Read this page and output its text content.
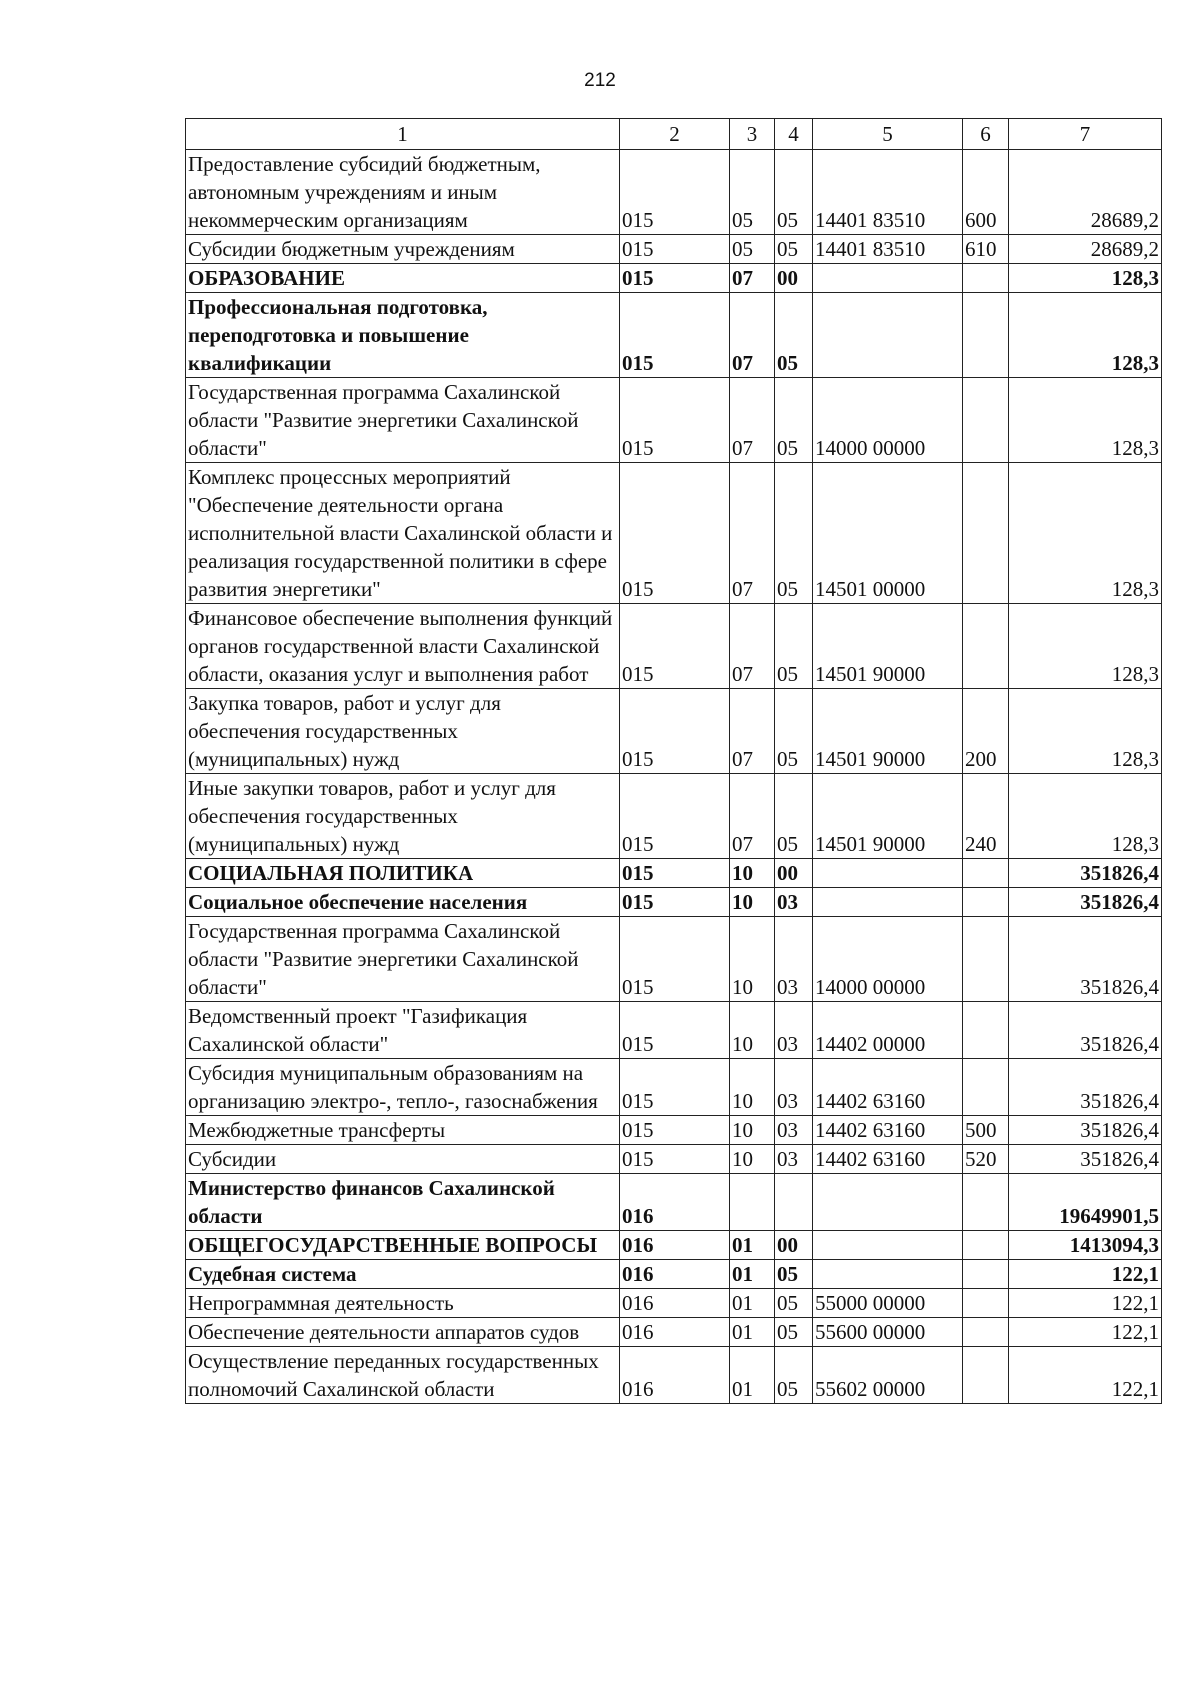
212
1	2	3	4	5	6	7
Предоставление субсидий бюджетным, автономным учреждениям и иным некоммерческим организациям	015	05	05	14401 83510	600	28689,2
Субсидии бюджетным учреждениям	015	05	05	14401 83510	610	28689,2
ОБРАЗОВАНИЕ	015	07	00			128,3
Профессиональная подготовка, переподготовка и повышение квалификации	015	07	05			128,3
Государственная программа Сахалинской области "Развитие энергетики Сахалинской области"	015	07	05	14000 00000		128,3
Комплекс процессных мероприятий "Обеспечение деятельности органа исполнительной власти Сахалинской области и реализация государственной политики в сфере развития энергетики"	015	07	05	14501 00000		128,3
Финансовое обеспечение выполнения функций органов государственной власти Сахалинской области, оказания услуг и выполнения работ	015	07	05	14501 90000		128,3
Закупка товаров, работ и услуг для обеспечения государственных (муниципальных) нужд	015	07	05	14501 90000	200	128,3
Иные закупки товаров, работ и услуг для обеспечения государственных (муниципальных) нужд	015	07	05	14501 90000	240	128,3
СОЦИАЛЬНАЯ ПОЛИТИКА	015	10	00			351826,4
Социальное обеспечение населения	015	10	03			351826,4
Государственная программа Сахалинской области "Развитие энергетики Сахалинской области"	015	10	03	14000 00000		351826,4
Ведомственный проект "Газификация Сахалинской области"	015	10	03	14402 00000		351826,4
Субсидия муниципальным образованиям на организацию электро-, тепло-, газоснабжения	015	10	03	14402 63160		351826,4
Межбюджетные трансферты	015	10	03	14402 63160	500	351826,4
Субсидии	015	10	03	14402 63160	520	351826,4
Министерство финансов Сахалинской области	016					19649901,5
ОБЩЕГОСУДАРСТВЕННЫЕ ВОПРОСЫ	016	01	00			1413094,3
Судебная система	016	01	05			122,1
Непрограммная деятельность	016	01	05	55000 00000		122,1
Обеспечение деятельности аппаратов судов	016	01	05	55600 00000		122,1
Осуществление переданных государственных полномочий Сахалинской области	016	01	05	55602 00000		122,1
